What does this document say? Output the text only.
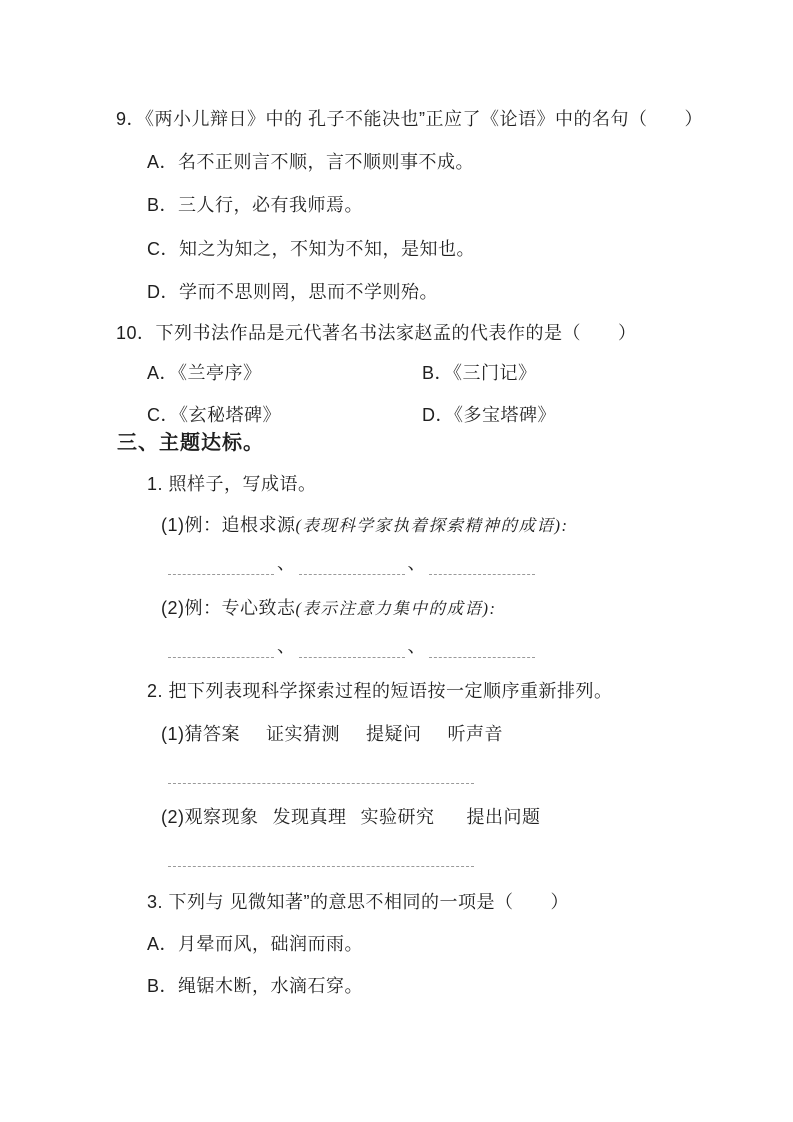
9．《两小儿辩日》中的 孔子不能决也”正应了《论语》中的名句（　　）
A．名不正则言不顺，言不顺则事不成。
B．三人行，必有我师焉。
C．知之为知之，不知为不知，是知也。
D．学而不思则罔，思而不学则殆。
10．下列书法作品是元代著名书法家赵孟的代表作的是（　　）
A．《兰亭序》	B．《三门记》
C．《玄秘塔碑》	D．《多宝塔碑》
三、主题达标。
1. 照样子，写成语。
(1)例：追根求源(表现科学家执着探索精神的成语):
、	、
(2)例：专心致志(表示注意力集中的成语):
、	、
2. 把下列表现科学探索过程的短语按一定顺序重新排列。
(1)猜答案 证实猜测 提疑问 听声音
(2)观察现象 发现真理 实验研究 提出问题
3. 下列与 见微知著”的意思不相同的一项是（　　）
A．月晕而风，础润而雨。
B．绳锯木断，水滴石穿。
